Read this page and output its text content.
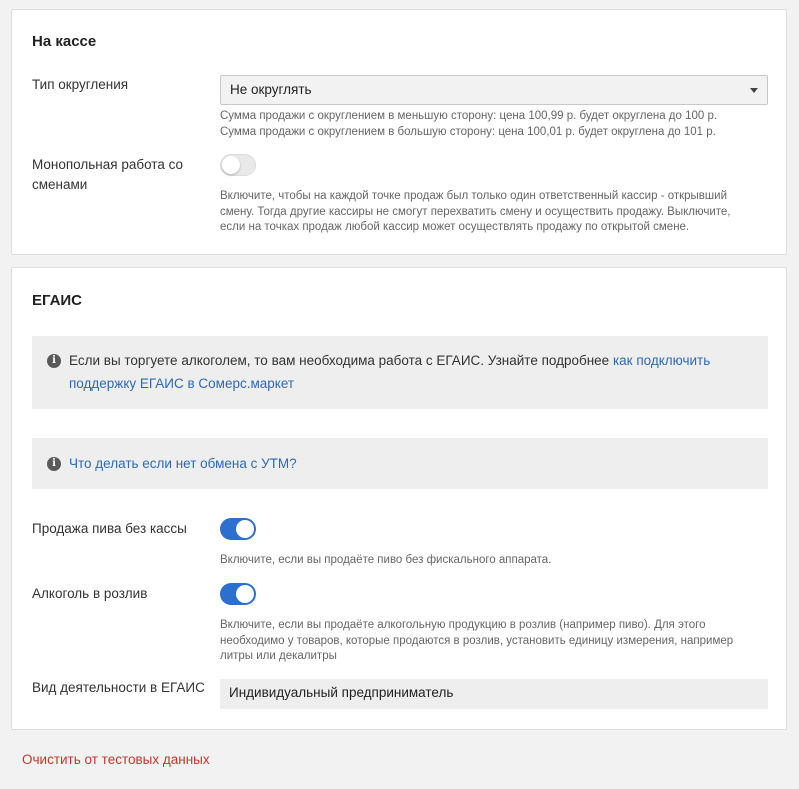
На кассе
Тип округления	Не округлять
Сумма продажи с округлением в меньшую сторону: цена 100,99 р. будет округлена до 100 р.
Сумма продажи с округлением в большую сторону: цена 100,01 р. будет округлена до 101 р.
Монопольная работа со
сменами
Включите, чтобы на каждой точке продаж был только один ответственный кассир - открывший
смену. Тогда другие кассиры не смогут перехватить смену и осуществить продажу. Выключите,
если на точках продаж любой кассир может осуществлять продажу по открытой смене.
ЕГАИС
i Если вы торгуете алкоголем, то вам необходима работа с ЕГАИС. Узнайте подробнее как подключить поддержку ЕГАИС в Сомерс.маркет
i Что делать если нет обмена с УТМ?
Продажа пива без кассы
Включите, если вы продаёте пиво без фискального аппарата.
Алкоголь в розлив
Включите, если вы продаёте алкогольную продукцию в розлив (например пиво). Для этого
необходимо у товаров, которые продаются в розлив, установить единицу измерения, например
литры или декалитры
Вид деятельности в ЕГАИС Индивидуальный предприниматель
Очистить от тестовых данных
